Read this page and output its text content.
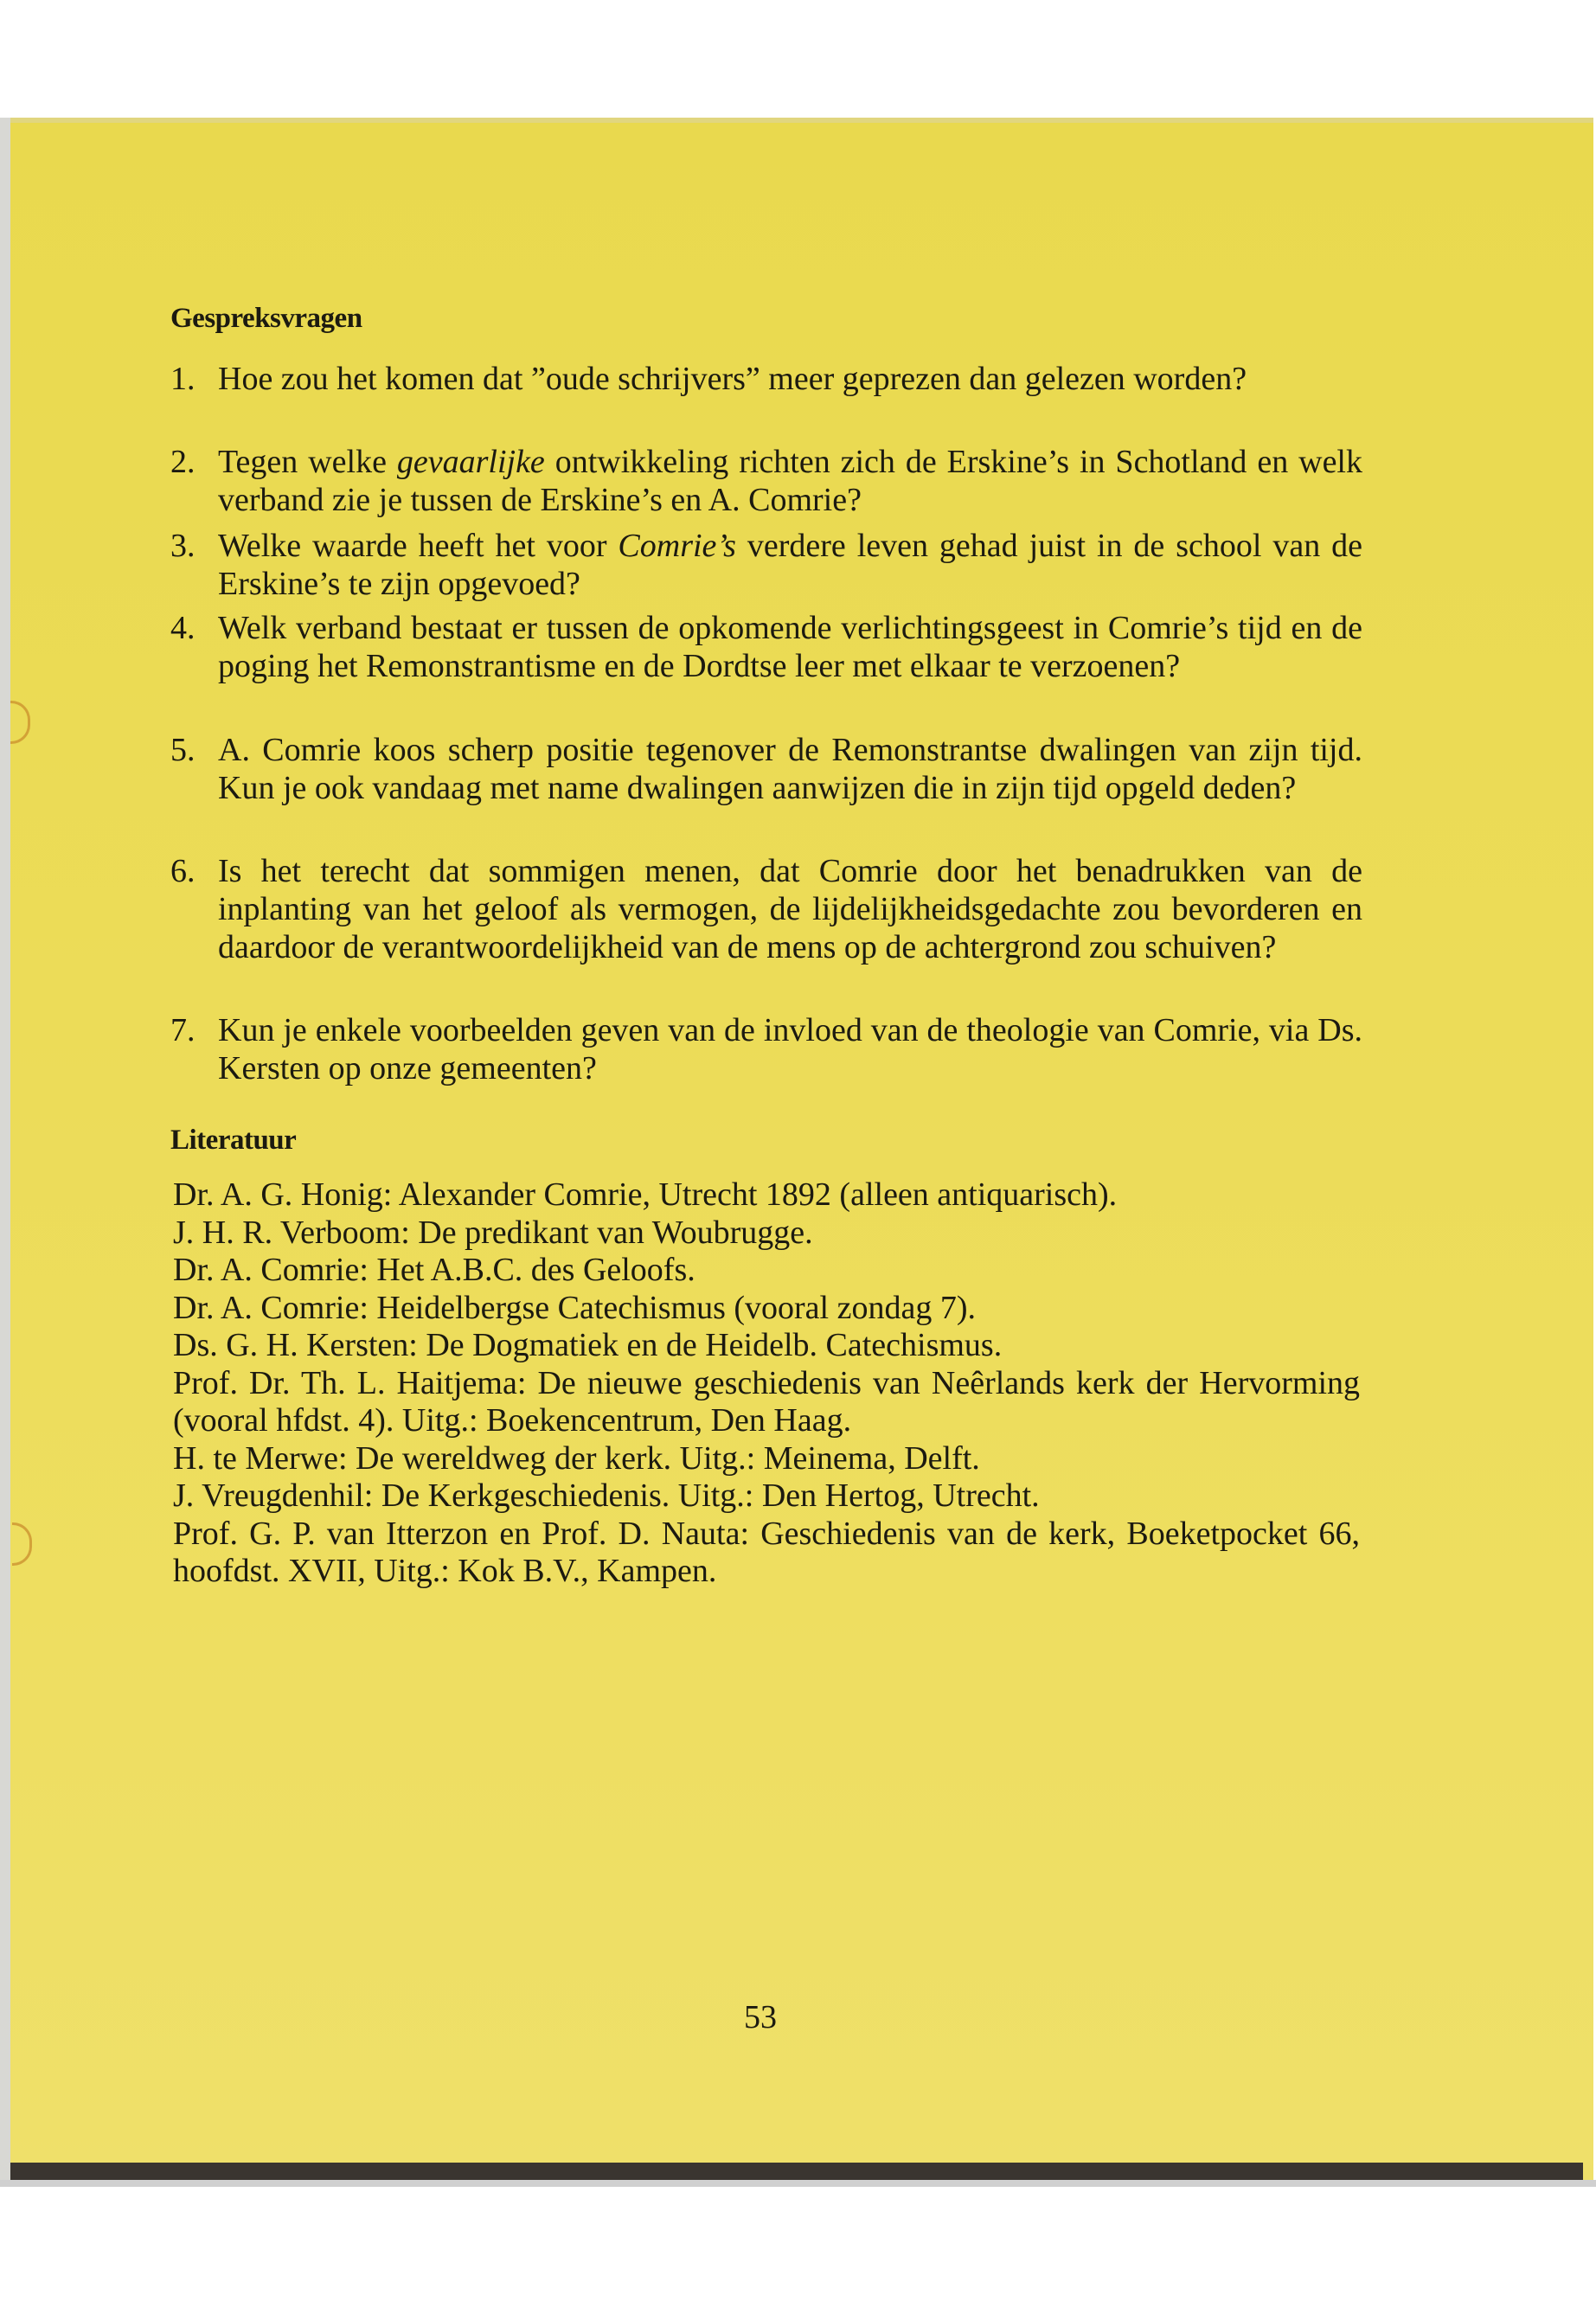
Gespreksvragen
1. Hoe zou het komen dat ”oude schrijvers” meer geprezen dan gelezen worden?
2. Tegen welke gevaarlijke ontwikkeling richten zich de Erskine’s in Schotland en welk verband zie je tussen de Erskine’s en A. Comrie?
3. Welke waarde heeft het voor Comrie’s verdere leven gehad juist in de school van de Erskine’s te zijn opgevoed?
4. Welk verband bestaat er tussen de opkomende verlichtingsgeest in Comrie’s tijd en de poging het Remonstrantisme en de Dordtse leer met elkaar te verzoenen?
5. A. Comrie koos scherp positie tegenover de Remonstrantse dwalingen van zijn tijd. Kun je ook vandaag met name dwalingen aanwijzen die in zijn tijd opgeld deden?
6. Is het terecht dat sommigen menen, dat Comrie door het benadrukken van de inplanting van het geloof als vermogen, de lijdelijkheidsgedachte zou bevorderen en daardoor de verantwoordelijkheid van de mens op de achtergrond zou schuiven?
7. Kun je enkele voorbeelden geven van de invloed van de theologie van Comrie, via Ds. Kersten op onze gemeenten?
Literatuur

Dr. A. G. Honig: Alexander Comrie, Utrecht 1892 (alleen antiquarisch).

J. H. R. Verboom: De predikant van Woubrugge.

Dr. A. Comrie: Het A.B.C. des Geloofs.

Dr. A. Comrie: Heidelbergse Catechismus (vooral zondag 7).

Ds. G. H. Kersten: De Dogmatiek en de Heidelb. Catechismus.

Prof. Dr. Th. L. Haitjema: De nieuwe geschiedenis van Neêrlands kerk der Hervorming (vooral hfdst. 4). Uitg.: Boekencentrum, Den Haag.

H. te Merwe: De wereldweg der kerk. Uitg.: Meinema, Delft.

J. Vreugdenhil: De Kerkgeschiedenis. Uitg.: Den Hertog, Utrecht.

Prof. G. P. van Itterzon en Prof. D. Nauta: Geschiedenis van de kerk, Boeketpocket 66, hoofdst. XVII, Uitg.: Kok B.V., Kampen.

53
